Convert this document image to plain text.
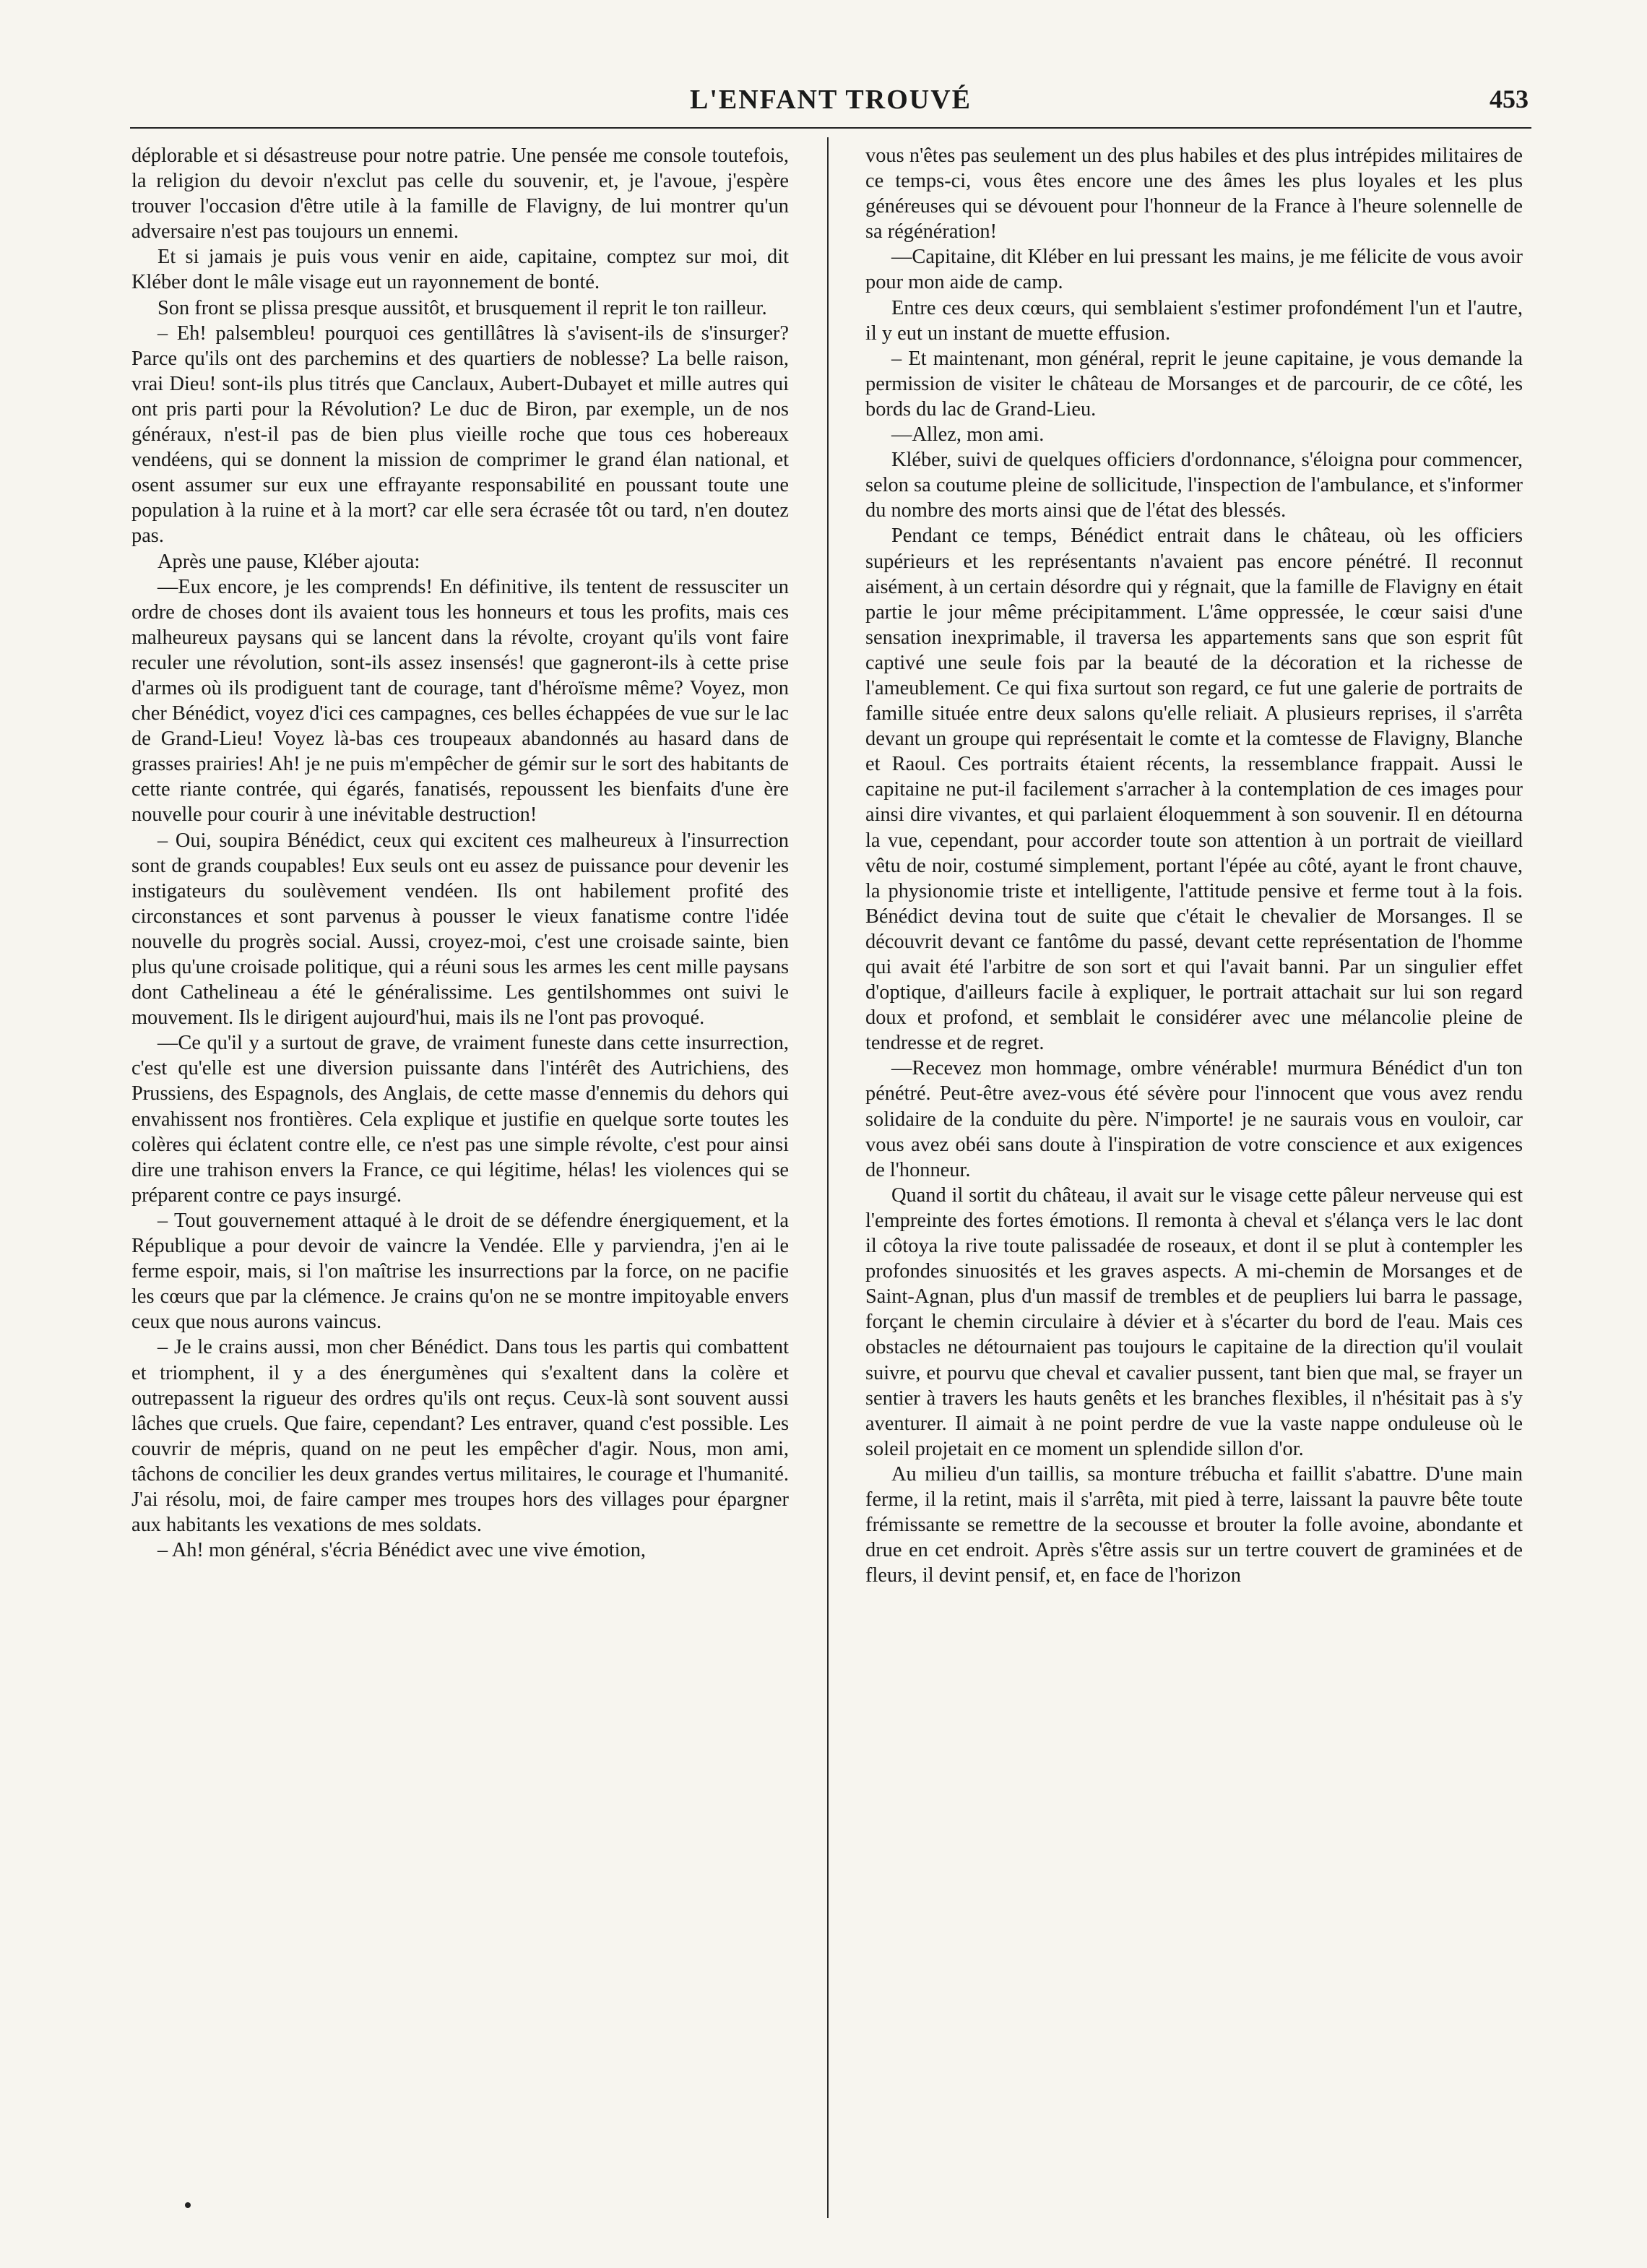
L'ENFANT TROUVÉ	453

déplorable et si désastreuse pour notre patrie. Une pensée me console toutefois, la religion du devoir n'exclut pas celle du souvenir, et, je l'avoue, j'espère trouver l'occasion d'être utile à la famille de Flavigny, de lui montrer qu'un adversaire n'est pas toujours un ennemi.

Et si jamais je puis vous venir en aide, capitaine, comptez sur moi, dit Kléber dont le mâle visage eut un rayonnement de bonté.

Son front se plissa presque aussitôt, et brusquement il reprit le ton railleur.

– Eh! palsembleu! pourquoi ces gentillâtres là s'avisent-ils de s'insurger? Parce qu'ils ont des parchemins et des quartiers de noblesse? La belle raison, vrai Dieu! sont-ils plus titrés que Canclaux, Aubert-Dubayet et mille autres qui ont pris parti pour la Révolution? Le duc de Biron, par exemple, un de nos généraux, n'est-il pas de bien plus vieille roche que tous ces hobereaux vendéens, qui se donnent la mission de comprimer le grand élan national, et osent assumer sur eux une effrayante responsabilité en poussant toute une population à la ruine et à la mort? car elle sera écrasée tôt ou tard, n'en doutez pas.

Après une pause, Kléber ajouta:

—Eux encore, je les comprends! En définitive, ils tentent de ressusciter un ordre de choses dont ils avaient tous les honneurs et tous les profits, mais ces malheureux paysans qui se lancent dans la révolte, croyant qu'ils vont faire reculer une révolution, sont-ils assez insensés! que gagneront-ils à cette prise d'armes où ils prodiguent tant de courage, tant d'héroïsme même? Voyez, mon cher Bénédict, voyez d'ici ces campagnes, ces belles échappées de vue sur le lac de Grand-Lieu! Voyez là-bas ces troupeaux abandonnés au hasard dans de grasses prairies! Ah! je ne puis m'empêcher de gémir sur le sort des habitants de cette riante contrée, qui égarés, fanatisés, repoussent les bienfaits d'une ère nouvelle pour courir à une inévitable destruction!

– Oui, soupira Bénédict, ceux qui excitent ces malheureux à l'insurrection sont de grands coupables! Eux seuls ont eu assez de puissance pour devenir les instigateurs du soulèvement vendéen. Ils ont habilement profité des circonstances et sont parvenus à pousser le vieux fanatisme contre l'idée nouvelle du progrès social. Aussi, croyez-moi, c'est une croisade sainte, bien plus qu'une croisade politique, qui a réuni sous les armes les cent mille paysans dont Cathelineau a été le généralissime. Les gentilshommes ont suivi le mouvement. Ils le dirigent aujourd'hui, mais ils ne l'ont pas provoqué.

—Ce qu'il y a surtout de grave, de vraiment funeste dans cette insurrection, c'est qu'elle est une diversion puissante dans l'intérêt des Autrichiens, des Prussiens, des Espagnols, des Anglais, de cette masse d'ennemis du dehors qui envahissent nos frontières. Cela explique et justifie en quelque sorte toutes les colères qui éclatent contre elle, ce n'est pas une simple révolte, c'est pour ainsi dire une trahison envers la France, ce qui légitime, hélas! les violences qui se préparent contre ce pays insurgé.

– Tout gouvernement attaqué à le droit de se défendre énergiquement, et la République a pour devoir de vaincre la Vendée. Elle y parviendra, j'en ai le ferme espoir, mais, si l'on maîtrise les insurrections par la force, on ne pacifie les cœurs que par la clémence. Je crains qu'on ne se montre impitoyable envers ceux que nous aurons vaincus.

– Je le crains aussi, mon cher Bénédict. Dans tous les partis qui combattent et triomphent, il y a des énergumènes qui s'exaltent dans la colère et outrepassent la rigueur des ordres qu'ils ont reçus. Ceux-là sont souvent aussi lâches que cruels. Que faire, cependant? Les entraver, quand c'est possible. Les couvrir de mépris, quand on ne peut les empêcher d'agir. Nous, mon ami, tâchons de concilier les deux grandes vertus militaires, le courage et l'humanité. J'ai résolu, moi, de faire camper mes troupes hors des villages pour épargner aux habitants les vexations de mes soldats.

– Ah! mon général, s'écria Bénédict avec une vive émotion,

vous n'êtes pas seulement un des plus habiles et des plus intrépides militaires de ce temps-ci, vous êtes encore une des âmes les plus loyales et les plus généreuses qui se dévouent pour l'honneur de la France à l'heure solennelle de sa régénération!

—Capitaine, dit Kléber en lui pressant les mains, je me félicite de vous avoir pour mon aide de camp.

Entre ces deux cœurs, qui semblaient s'estimer profondément l'un et l'autre, il y eut un instant de muette effusion.

– Et maintenant, mon général, reprit le jeune capitaine, je vous demande la permission de visiter le château de Morsanges et de parcourir, de ce côté, les bords du lac de Grand-Lieu.

—Allez, mon ami.

Kléber, suivi de quelques officiers d'ordonnance, s'éloigna pour commencer, selon sa coutume pleine de sollicitude, l'inspection de l'ambulance, et s'informer du nombre des morts ainsi que de l'état des blessés.

Pendant ce temps, Bénédict entrait dans le château, où les officiers supérieurs et les représentants n'avaient pas encore pénétré. Il reconnut aisément, à un certain désordre qui y régnait, que la famille de Flavigny en était partie le jour même précipitamment. L'âme oppressée, le cœur saisi d'une sensation inexprimable, il traversa les appartements sans que son esprit fût captivé une seule fois par la beauté de la décoration et la richesse de l'ameublement. Ce qui fixa surtout son regard, ce fut une galerie de portraits de famille située entre deux salons qu'elle reliait. A plusieurs reprises, il s'arrêta devant un groupe qui représentait le comte et la comtesse de Flavigny, Blanche et Raoul. Ces portraits étaient récents, la ressemblance frappait. Aussi le capitaine ne put-il facilement s'arracher à la contemplation de ces images pour ainsi dire vivantes, et qui parlaient éloquemment à son souvenir. Il en détourna la vue, cependant, pour accorder toute son attention à un portrait de vieillard vêtu de noir, costumé simplement, portant l'épée au côté, ayant le front chauve, la physionomie triste et intelligente, l'attitude pensive et ferme tout à la fois. Bénédict devina tout de suite que c'était le chevalier de Morsanges. Il se découvrit devant ce fantôme du passé, devant cette représentation de l'homme qui avait été l'arbitre de son sort et qui l'avait banni. Par un singulier effet d'optique, d'ailleurs facile à expliquer, le portrait attachait sur lui son regard doux et profond, et semblait le considérer avec une mélancolie pleine de tendresse et de regret.

—Recevez mon hommage, ombre vénérable! murmura Bénédict d'un ton pénétré. Peut-être avez-vous été sévère pour l'innocent que vous avez rendu solidaire de la conduite du père. N'importe! je ne saurais vous en vouloir, car vous avez obéi sans doute à l'inspiration de votre conscience et aux exigences de l'honneur.

Quand il sortit du château, il avait sur le visage cette pâleur nerveuse qui est l'empreinte des fortes émotions. Il remonta à cheval et s'élança vers le lac dont il côtoya la rive toute palissadée de roseaux, et dont il se plut à contempler les profondes sinuosités et les graves aspects. A mi-chemin de Morsanges et de Saint-Agnan, plus d'un massif de trembles et de peupliers lui barra le passage, forçant le chemin circulaire à dévier et à s'écarter du bord de l'eau. Mais ces obstacles ne détournaient pas toujours le capitaine de la direction qu'il voulait suivre, et pourvu que cheval et cavalier pussent, tant bien que mal, se frayer un sentier à travers les hauts genêts et les branches flexibles, il n'hésitait pas à s'y aventurer. Il aimait à ne point perdre de vue la vaste nappe onduleuse où le soleil projetait en ce moment un splendide sillon d'or.

Au milieu d'un taillis, sa monture trébucha et faillit s'abattre. D'une main ferme, il la retint, mais il s'arrêta, mit pied à terre, laissant la pauvre bête toute frémissante se remettre de la secousse et brouter la folle avoine, abondante et drue en cet endroit. Après s'être assis sur un tertre couvert de graminées et de fleurs, il devint pensif, et, en face de l'horizon
